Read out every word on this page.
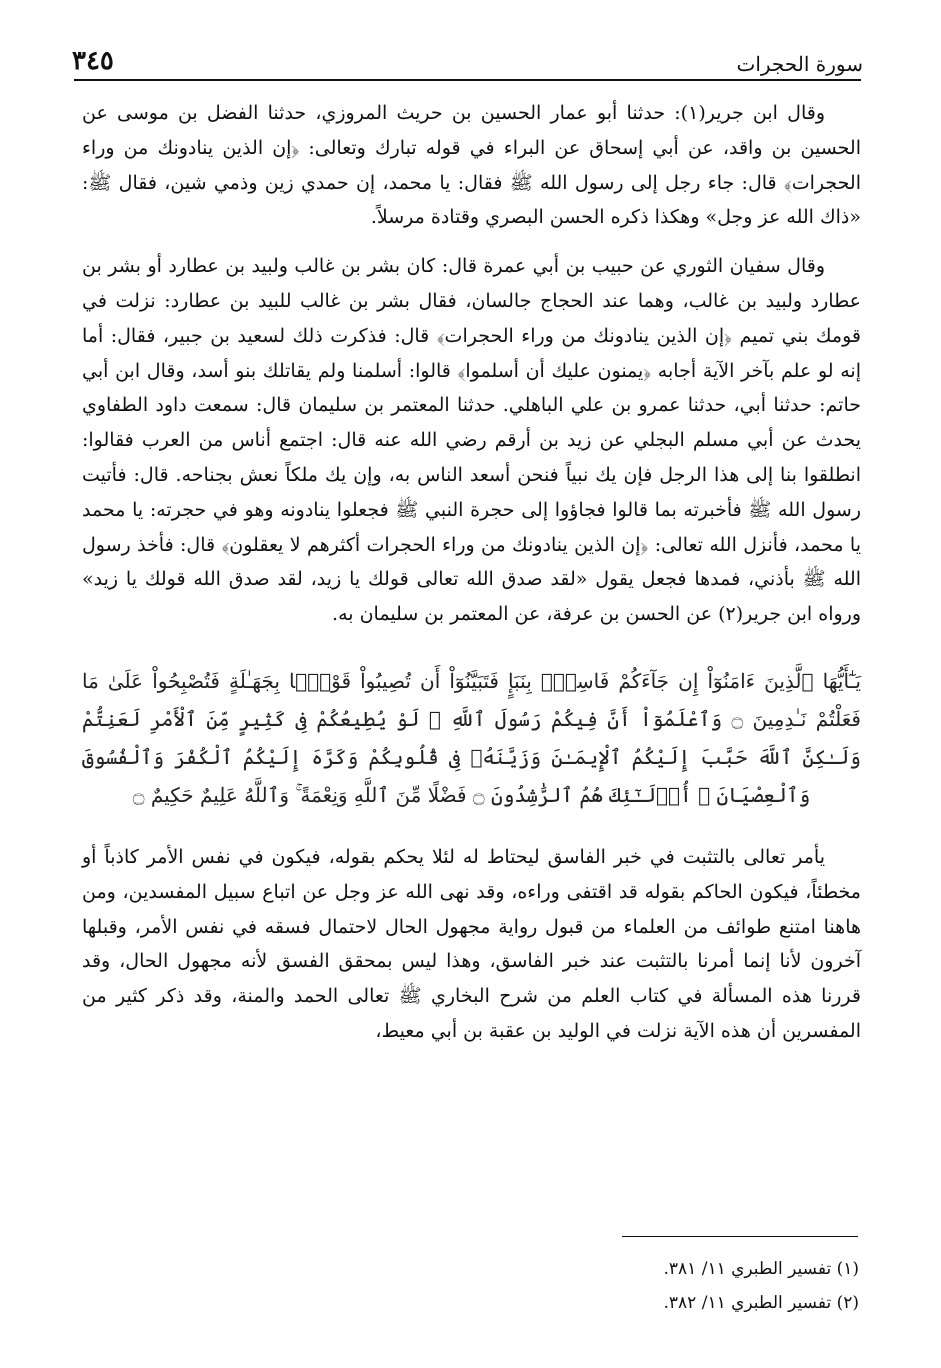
٣٤٥	سورة الحجرات

وقال ابن جرير(١): حدثنا أبو عمار الحسين بن حريث المروزي، حدثنا الفضل بن موسى عن الحسين بن واقد، عن أبي إسحاق عن البراء في قوله تبارك وتعالى: ﴿إن الذين ينادونك من وراء الحجرات﴾ قال: جاء رجل إلى رسول الله ﷺ فقال: يا محمد، إن حمدي زين وذمي شين، فقال ﷺ: «ذاك الله عز وجل» وهكذا ذكره الحسن البصري وقتادة مرسلاً.

وقال سفيان الثوري عن حبيب بن أبي عمرة قال: كان بشر بن غالب ولبيد بن عطارد أو بشر بن عطارد ولبيد بن غالب، وهما عند الحجاج جالسان، فقال بشر بن غالب للبيد بن عطارد: نزلت في قومك بني تميم ﴿إن الذين ينادونك من وراء الحجرات﴾ قال: فذكرت ذلك لسعيد بن جبير، فقال: أما إنه لو علم بآخر الآية أجابه ﴿يمنون عليك أن أسلموا﴾ قالوا: أسلمنا ولم يقاتلك بنو أسد، وقال ابن أبي حاتم: حدثنا أبي، حدثنا عمرو بن علي الباهلي. حدثنا المعتمر بن سليمان قال: سمعت داود الطفاوي يحدث عن أبي مسلم البجلي عن زيد بن أرقم رضي الله عنه قال: اجتمع أناس من العرب فقالوا: انطلقوا بنا إلى هذا الرجل فإن يك نبياً فنحن أسعد الناس به، وإن يك ملكاً نعش بجناحه. قال: فأتيت رسول الله ﷺ فأخبرته بما قالوا فجاؤوا إلى حجرة النبي ﷺ فجعلوا ينادونه وهو في حجرته: يا محمد يا محمد، فأنزل الله تعالى: ﴿إن الذين ينادونك من وراء الحجرات أكثرهم لا يعقلون﴾ قال: فأخذ رسول الله ﷺ بأذني، فمدها فجعل يقول «لقد صدق الله تعالى قولك يا زيد، لقد صدق الله قولك يا زيد» ورواه ابن جرير(٢) عن الحسن بن عرفة، عن المعتمر بن سليمان به.

يَـٰٓأَيُّهَا ٱلَّذِينَ ءَامَنُوٓاْ إِن جَآءَكُمْ فَاسِقُۢ بِنَبَإٍ فَتَبَيَّنُوٓاْ أَن تُصِيبُواْ قَوْمًۢا بِجَهَـٰلَةٍ فَتُصْبِحُواْ عَلَىٰ مَا فَعَلْتُمْ نَـٰدِمِينَ ۝ وَٱعْلَمُوٓاْ أَنَّ فِيكُمْ رَسُولَ ٱللَّهِ ۚ لَوْ يُطِيعُكُمْ فِى كَثِيرٍ مِّنَ ٱلْأَمْرِ لَعَنِتُّمْ وَلَـٰكِنَّ ٱللَّهَ حَبَّبَ إِلَيْكُمُ ٱلْإِيمَـٰنَ وَزَيَّنَهُۥ فِى قُلُوبِكُمْ وَكَرَّهَ إِلَيْكُمُ ٱلْكُفْرَ وَٱلْفُسُوقَ وَٱلْعِصْيَانَ ۚ أُو۟لَـٰٓئِكَ هُمُ ٱلرَّٰشِدُونَ ۝ فَضْلًا مِّنَ ٱللَّهِ وَنِعْمَةً ۚ وَٱللَّهُ عَلِيمٌ حَكِيمٌ ۝

يأمر تعالى بالتثبت في خبر الفاسق ليحتاط له لئلا يحكم بقوله، فيكون في نفس الأمر كاذباً أو مخطئاً، فيكون الحاكم بقوله قد اقتفى وراءه، وقد نهى الله عز وجل عن اتباع سبيل المفسدين، ومن هاهنا امتنع طوائف من العلماء من قبول رواية مجهول الحال لاحتمال فسقه في نفس الأمر، وقبلها آخرون لأنا إنما أمرنا بالتثبت عند خبر الفاسق، وهذا ليس بمحقق الفسق لأنه مجهول الحال، وقد قررنا هذه المسألة في كتاب العلم من شرح البخاري ﷺ تعالى الحمد والمنة، وقد ذكر كثير من المفسرين أن هذه الآية نزلت في الوليد بن عقبة بن أبي معيط،

(١) تفسير الطبري ١١/ ٣٨١.

(٢) تفسير الطبري ١١/ ٣٨٢.
